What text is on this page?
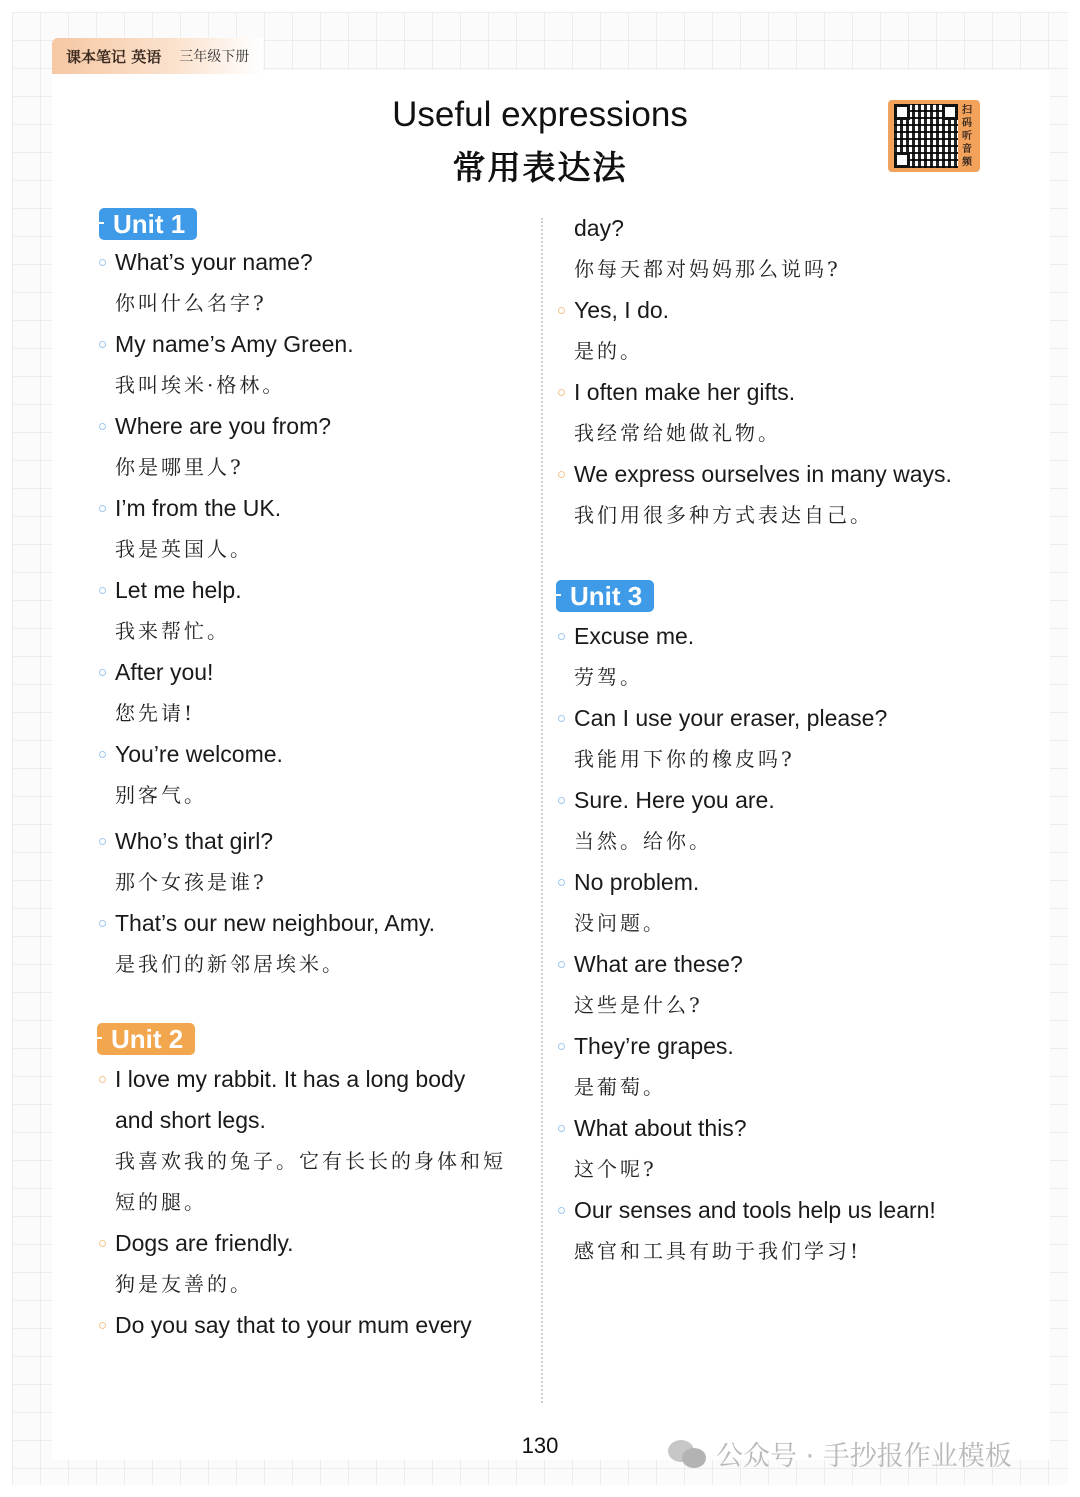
课本笔记 英语 三年级下册
Useful expressions
常用表达法
扫码听音频
Unit 1
What’s your name?
你叫什么名字?
My name’s Amy Green.
我叫埃米·格林。
Where are you from?
你是哪里人?
I’m from the UK.
我是英国人。
Let me help.
我来帮忙。
After you!
您先请!
You’re welcome.
别客气。
Who’s that girl?
那个女孩是谁?
That’s our new neighbour, Amy.
是我们的新邻居埃米。
Unit 2
I love my rabbit. It has a long body
and short legs.
我喜欢我的兔子。它有长长的身体和短
短的腿。
Dogs are friendly.
狗是友善的。
Do you say that to your mum every
day?
你每天都对妈妈那么说吗?
Yes, I do.
是的。
I often make her gifts.
我经常给她做礼物。
We express ourselves in many ways.
我们用很多种方式表达自己。
Unit 3
Excuse me.
劳驾。
Can I use your eraser, please?
我能用下你的橡皮吗?
Sure. Here you are.
当然。给你。
No problem.
没问题。
What are these?
这些是什么?
They’re grapes.
是葡萄。
What about this?
这个呢?
Our senses and tools help us learn!
感官和工具有助于我们学习!
130	公众号 · 手抄报作业模板
